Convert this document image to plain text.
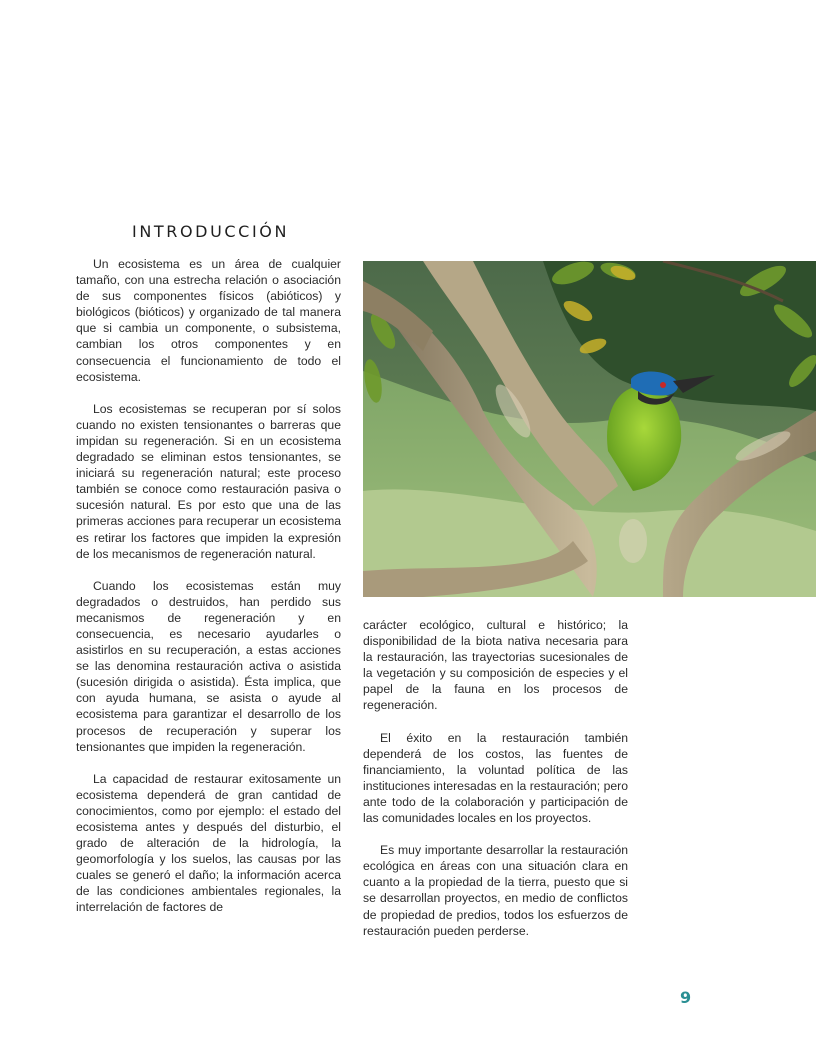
INTRODUCCIÓN

Un ecosistema es un área de cualquier tamaño, con una estrecha relación o asociación de sus componentes físicos (abióticos) y biológicos (bióticos) y organizado de tal manera que si cambia un componente, o subsistema, cambian los otros componentes y en consecuencia el funcionamiento de todo el ecosistema.

Los ecosistemas se recuperan por sí solos cuando no existen tensionantes o barreras que impidan su regeneración. Si en un ecosistema degradado se eliminan estos tensionantes, se iniciará su regeneración natural; este proceso también se conoce como restauración pasiva o sucesión natural. Es por esto que una de las primeras acciones para recuperar un ecosistema es retirar los factores que impiden la expresión de los mecanismos de regeneración natural.

Cuando los ecosistemas están muy degradados o destruidos, han perdido sus mecanismos de regeneración y en consecuencia, es necesario ayudarles o asistirlos en su recuperación, a estas acciones se las denomina restauración activa o asistida (sucesión dirigida o asistida). Ésta implica, que con ayuda humana, se asista o ayude al ecosistema para garantizar el desarrollo de los procesos de recuperación y superar los tensionantes que impiden la regeneración.

La capacidad de restaurar exitosamente un ecosistema dependerá de gran cantidad de conocimientos, como por ejemplo: el estado del ecosistema antes y después del disturbio, el grado de alteración de la hidrología, la geomorfología y los suelos, las causas por las cuales se generó el daño; la información acerca de las condiciones ambientales regionales, la interrelación de factores de

carácter ecológico, cultural e histórico; la disponibilidad de la biota nativa necesaria para la restauración, las trayectorias sucesionales de la vegetación y su composición de especies y el papel de la fauna en los procesos de regeneración.

El éxito en la restauración también dependerá de los costos, las fuentes de financiamiento, la voluntad política de las instituciones interesadas en la restauración; pero ante todo de la colaboración y participación de las comunidades locales en los proyectos.

Es muy importante desarrollar la restauración ecológica en áreas con una situación clara en cuanto a la propiedad de la tierra, puesto que si se desarrollan proyectos, en medio de conflictos de propiedad de predios, todos los esfuerzos de restauración pueden perderse.

9
